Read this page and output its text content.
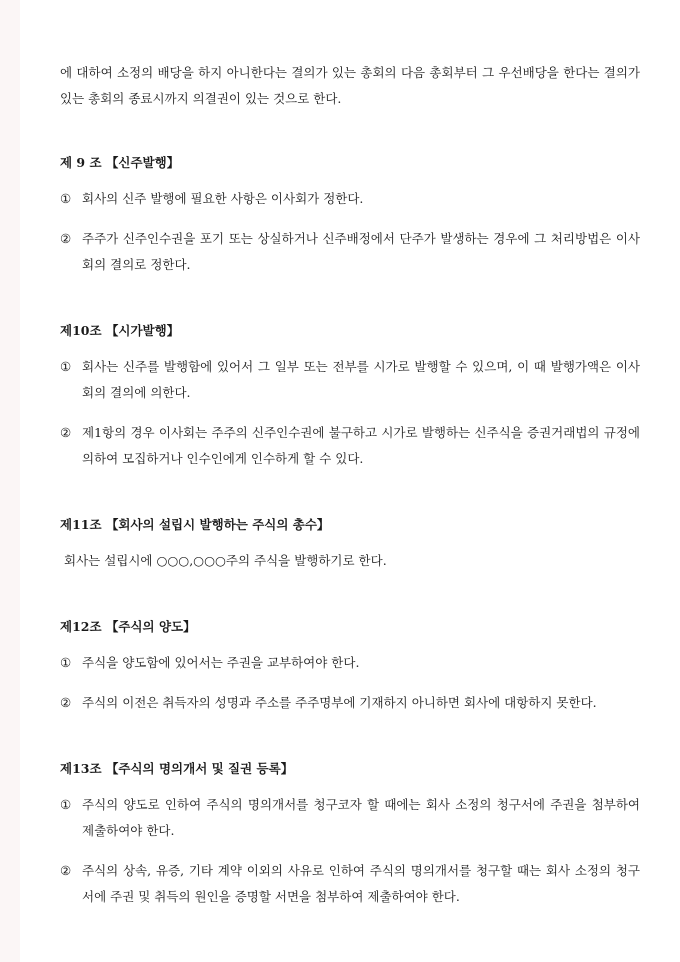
에 대하여 소정의 배당을 하지 아니한다는 결의가 있는 총회의 다음 총회부터 그 우선배당을 한다는 결의가 있는 총회의 종료시까지 의결권이 있는 것으로 한다.

제 9 조 【신주발행】

① 회사의 신주 발행에 필요한 사항은 이사회가 정한다.
② 주주가 신주인수권을 포기 또는 상실하거나 신주배정에서 단주가 발생하는 경우에 그 처리방법은 이사회의 결의로 정한다.

제10조 【시가발행】

① 회사는 신주를 발행함에 있어서 그 일부 또는 전부를 시가로 발행할 수 있으며, 이 때 발행가액은 이사회의 결의에 의한다.
② 제1항의 경우 이사회는 주주의 신주인수권에 불구하고 시가로 발행하는 신주식을 증권거래법의 규정에 의하여 모집하거나 인수인에게 인수하게 할 수 있다.

제11조 【회사의 설립시 발행하는 주식의 총수】

회사는 설립시에 ○○○,○○○주의 주식을 발행하기로 한다.

제12조 【주식의 양도】

① 주식을 양도함에 있어서는 주권을 교부하여야 한다.
② 주식의 이전은 취득자의 성명과 주소를 주주명부에 기재하지 아니하면 회사에 대항하지 못한다.

제13조 【주식의 명의개서 및 질권 등록】

① 주식의 양도로 인하여 주식의 명의개서를 청구코자 할 때에는 회사 소정의 청구서에 주권을 첨부하여 제출하여야 한다.
② 주식의 상속, 유증, 기타 계약 이외의 사유로 인하여 주식의 명의개서를 청구할 때는 회사 소정의 청구서에 주권 및 취득의 원인을 증명할 서면을 첨부하여 제출하여야 한다.
